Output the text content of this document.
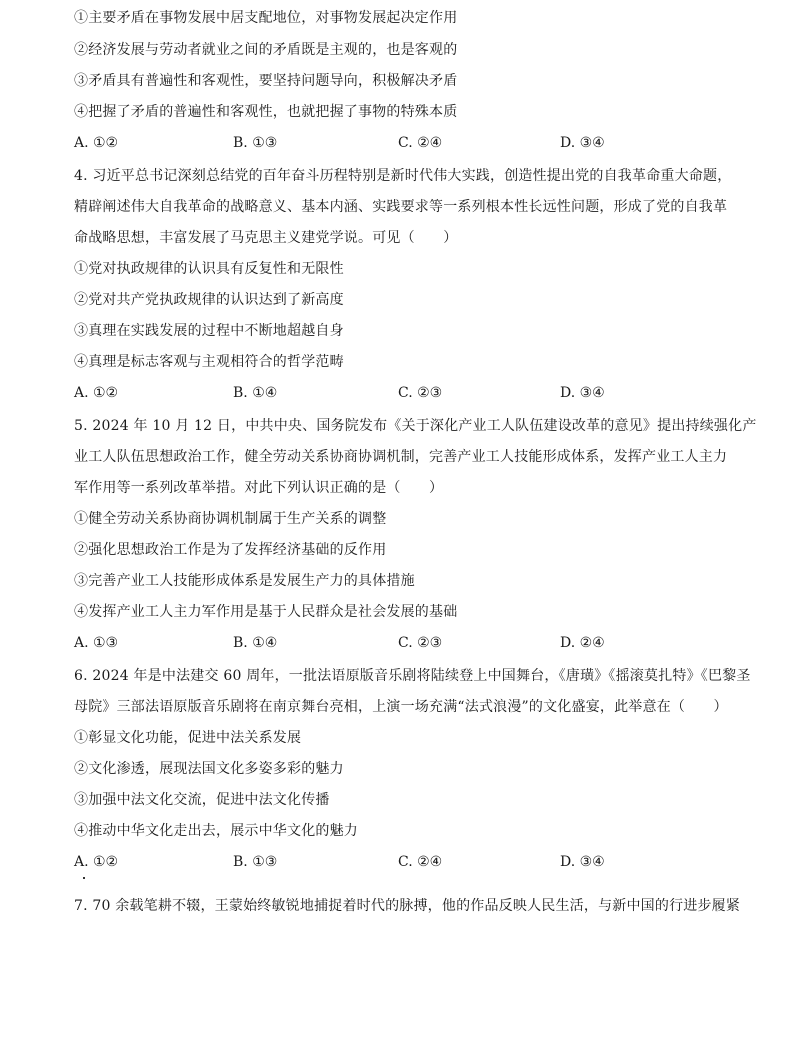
①主要矛盾在事物发展中居支配地位，对事物发展起决定作用
②经济发展与劳动者就业之间的矛盾既是主观的，也是客观的
③矛盾具有普遍性和客观性，要坚持问题导向，积极解决矛盾
④把握了矛盾的普遍性和客观性，也就把握了事物的特殊本质
A. ①②	B. ①③	C. ②④	D. ③④
4. 习近平总书记深刻总结党的百年奋斗历程特别是新时代伟大实践，创造性提出党的自我革命重大命题，
精辟阐述伟大自我革命的战略意义、基本内涵、实践要求等一系列根本性长远性问题，形成了党的自我革
命战略思想，丰富发展了马克思主义建党学说。可见（　　）
①党对执政规律的认识具有反复性和无限性
②党对共产党执政规律的认识达到了新高度
③真理在实践发展的过程中不断地超越自身
④真理是标志客观与主观相符合的哲学范畴
A. ①②	B. ①④	C. ②③	D. ③④
5. 2024 年 10 月 12 日，中共中央、国务院发布《关于深化产业工人队伍建设改革的意见》提出持续强化产
业工人队伍思想政治工作，健全劳动关系协商协调机制，完善产业工人技能形成体系，发挥产业工人主力
军作用等一系列改革举措。对此下列认识正确的是（　　）
①健全劳动关系协商协调机制属于生产关系的调整
②强化思想政治工作是为了发挥经济基础的反作用
③完善产业工人技能形成体系是发展生产力的具体措施
④发挥产业工人主力军作用是基于人民群众是社会发展的基础
A. ①③	B. ①④	C. ②③	D. ②④
6. 2024 年是中法建交 60 周年，一批法语原版音乐剧将陆续登上中国舞台，《唐璜》《摇滚莫扎特》《巴黎圣
母院》三部法语原版音乐剧将在南京舞台亮相，上演一场充满“法式浪漫”的文化盛宴，此举意在（　　）
①彰显文化功能，促进中法关系发展
②文化渗透，展现法国文化多姿多彩的魅力
③加强中法文化交流，促进中法文化传播
④推动中华文化走出去，展示中华文化的魅力
A. ①②	B. ①③	C. ②④	D. ③④
7. 70 余载笔耕不辍，王蒙始终敏锐地捕捉着时代的脉搏，他的作品反映人民生活，与新中国的行进步履紧
